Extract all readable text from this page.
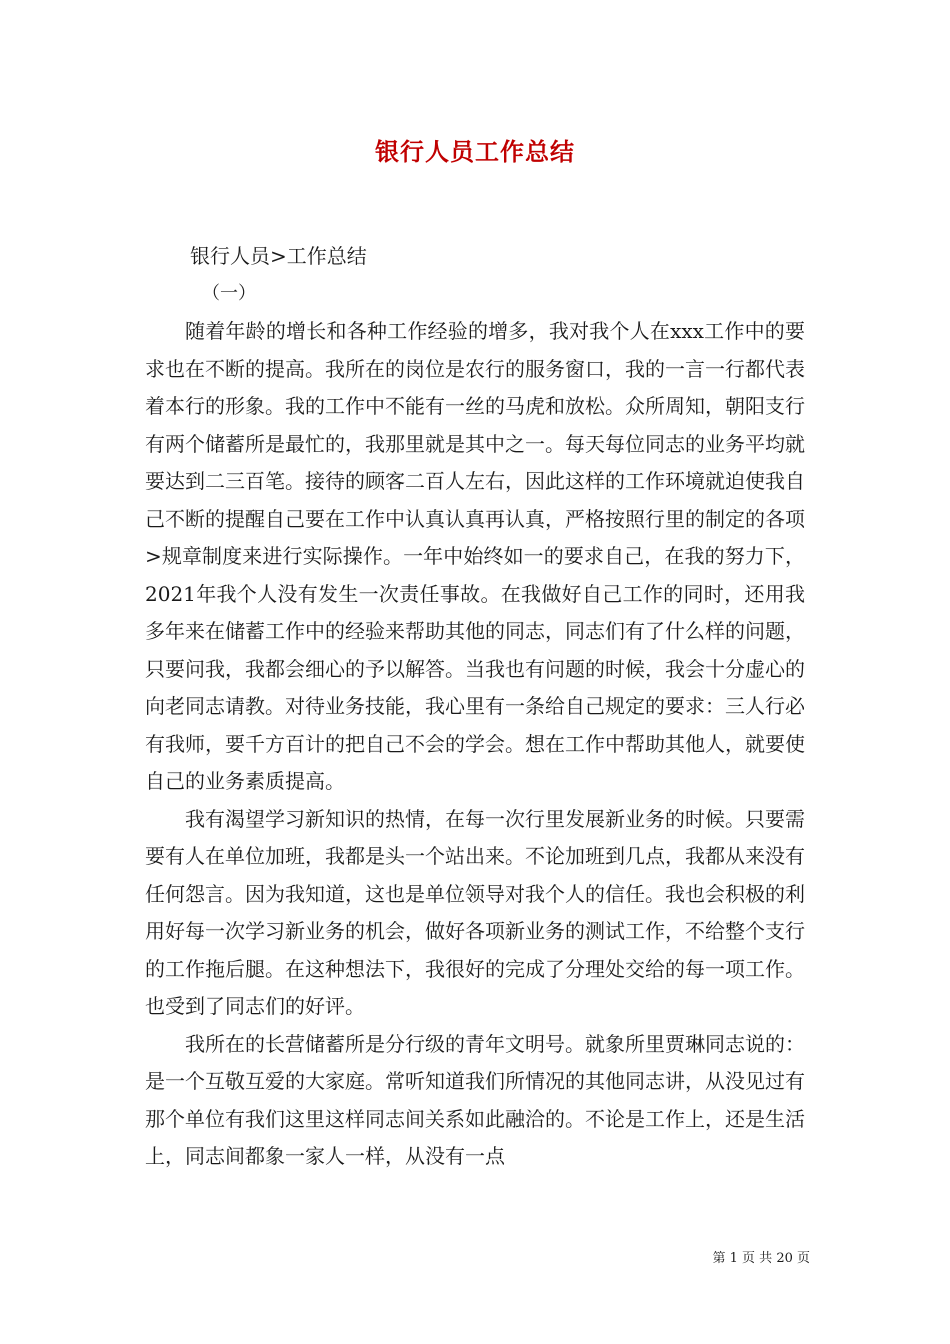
银行人员工作总结
银行人员>工作总结
（一）

随着年龄的增长和各种工作经验的增多，我对我个人在xxx工作中的要求也在不断的提高。我所在的岗位是农行的服务窗口，我的一言一行都代表着本行的形象。我的工作中不能有一丝的马虎和放松。众所周知，朝阳支行有两个储蓄所是最忙的，我那里就是其中之一。每天每位同志的业务平均就要达到二三百笔。接待的顾客二百人左右，因此这样的工作环境就迫使我自己不断的提醒自己要在工作中认真认真再认真，严格按照行里的制定的各项>规章制度来进行实际操作。一年中始终如一的要求自己，在我的努力下，2021年我个人没有发生一次责任事故。在我做好自己工作的同时，还用我多年来在储蓄工作中的经验来帮助其他的同志，同志们有了什么样的问题，只要问我，我都会细心的予以解答。当我也有问题的时候，我会十分虚心的向老同志请教。对待业务技能，我心里有一条给自己规定的要求：三人行必有我师，要千方百计的把自己不会的学会。想在工作中帮助其他人，就要使自己的业务素质提高。

我有渴望学习新知识的热情，在每一次行里发展新业务的时候。只要需要有人在单位加班，我都是头一个站出来。不论加班到几点，我都从来没有任何怨言。因为我知道，这也是单位领导对我个人的信任。我也会积极的利用好每一次学习新业务的机会，做好各项新业务的测试工作，不给整个支行的工作拖后腿。在这种想法下，我很好的完成了分理处交给的每一项工作。也受到了同志们的好评。

我所在的长营储蓄所是分行级的青年文明号。就象所里贾琳同志说的：是一个互敬互爱的大家庭。常听知道我们所情况的其他同志讲，从没见过有那个单位有我们这里这样同志间关系如此融洽的。不论是工作上，还是生活上，同志间都象一家人一样，从没有一点

第 1 页 共 20 页
